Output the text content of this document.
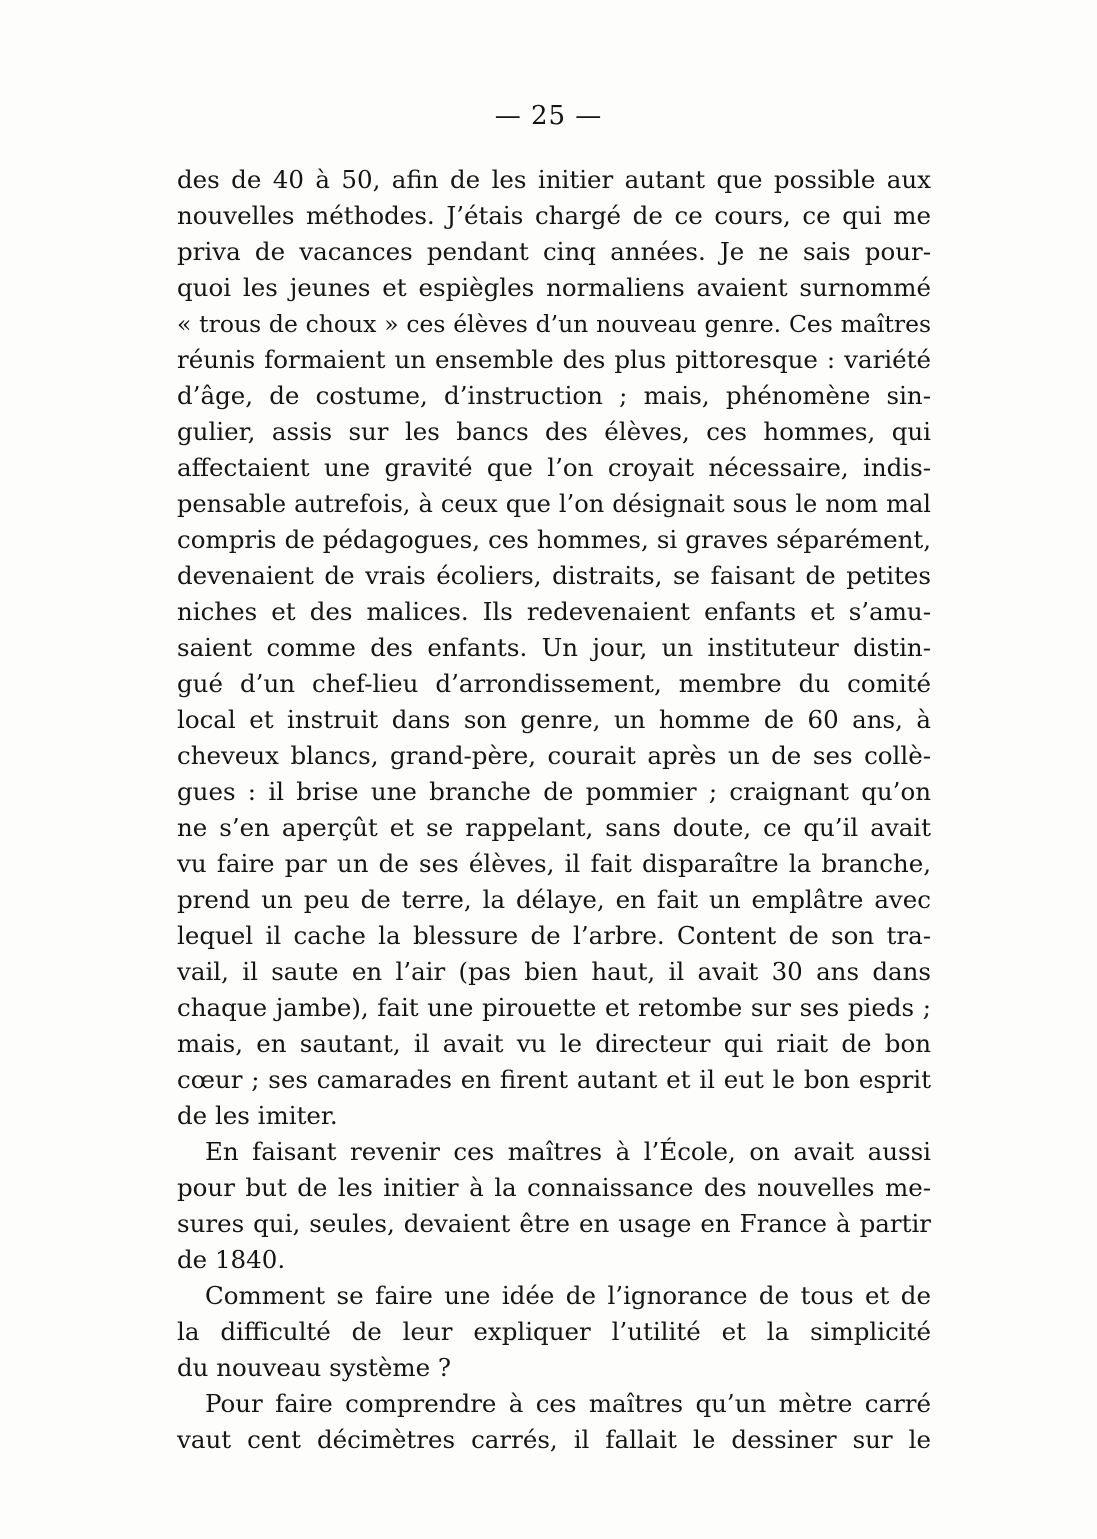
— 25 —
des de 40 à 50, afin de les initier autant que possible aux
nouvelles méthodes. J’étais chargé de ce cours, ce qui me
priva de vacances pendant cinq années. Je ne sais pour-
quoi les jeunes et espiègles normaliens avaient surnommé
« trous de choux » ces élèves d’un nouveau genre. Ces maîtres
réunis formaient un ensemble des plus pittoresque : variété
d’âge, de costume, d’instruction ; mais, phénomène sin-
gulier, assis sur les bancs des élèves, ces hommes, qui
affectaient une gravité que l’on croyait nécessaire, indis-
pensable autrefois, à ceux que l’on désignait sous le nom mal
compris de pédagogues, ces hommes, si graves séparément,
devenaient de vrais écoliers, distraits, se faisant de petites
niches et des malices. Ils redevenaient enfants et s’amu-
saient comme des enfants. Un jour, un instituteur distin-
gué d’un chef-lieu d’arrondissement, membre du comité
local et instruit dans son genre, un homme de 60 ans, à
cheveux blancs, grand-père, courait après un de ses collè-
gues : il brise une branche de pommier ; craignant qu’on
ne s’en aperçût et se rappelant, sans doute, ce qu’il avait
vu faire par un de ses élèves, il fait disparaître la branche,
prend un peu de terre, la délaye, en fait un emplâtre avec
lequel il cache la blessure de l’arbre. Content de son tra-
vail, il saute en l’air (pas bien haut, il avait 30 ans dans
chaque jambe), fait une pirouette et retombe sur ses pieds ;
mais, en sautant, il avait vu le directeur qui riait de bon
cœur ; ses camarades en firent autant et il eut le bon esprit
de les imiter.
En faisant revenir ces maîtres à l’École, on avait aussi
pour but de les initier à la connaissance des nouvelles me-
sures qui, seules, devaient être en usage en France à partir
de 1840.
Comment se faire une idée de l’ignorance de tous et de
la difficulté de leur expliquer l’utilité et la simplicité
du nouveau système ?
Pour faire comprendre à ces maîtres qu’un mètre carré
vaut cent décimètres carrés, il fallait le dessiner sur le
